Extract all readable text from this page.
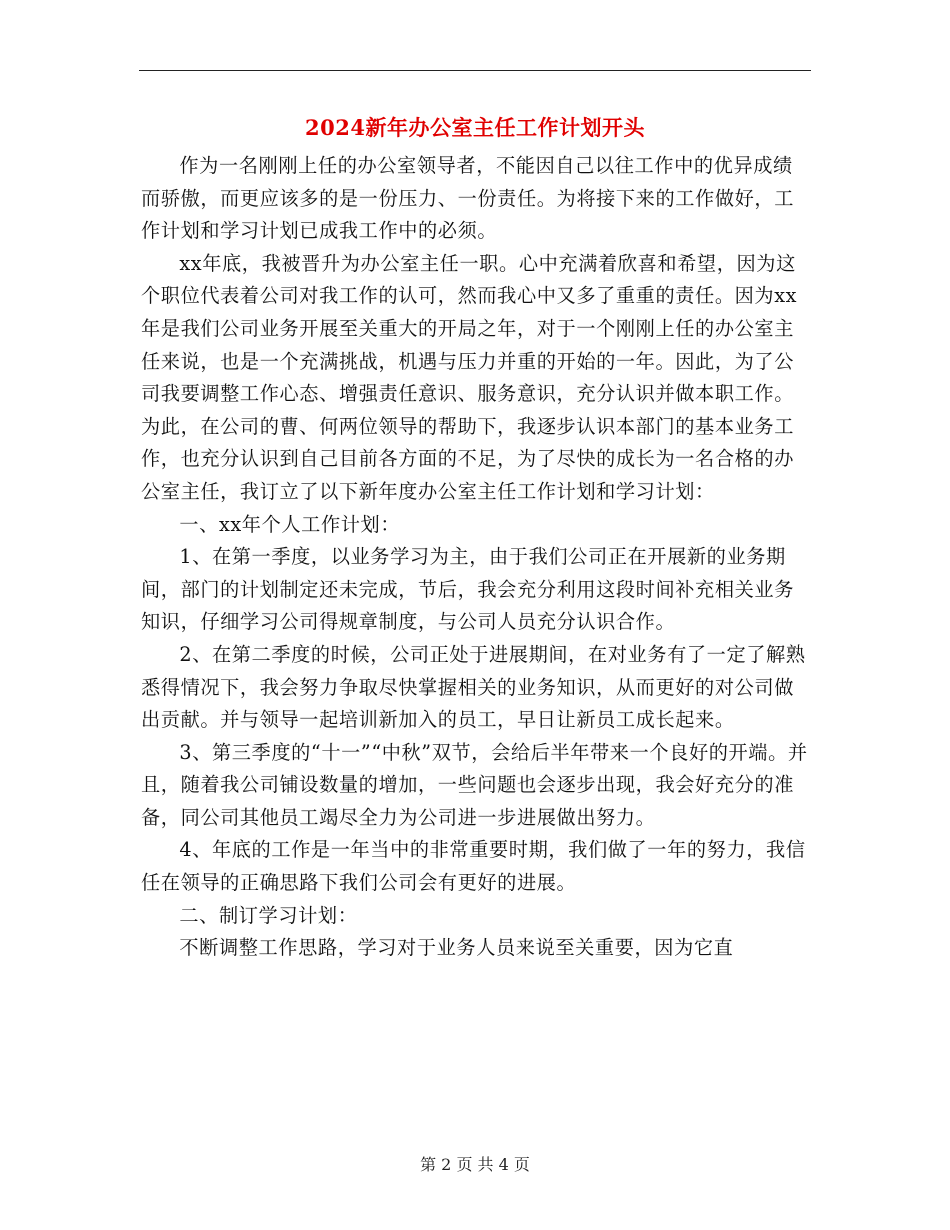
2024新年办公室主任工作计划开头

作为一名刚刚上任的办公室领导者，不能因自己以往工作中的优异成绩而骄傲，而更应该多的是一份压力、一份责任。为将接下来的工作做好，工作计划和学习计划已成我工作中的必须。

xx年底，我被晋升为办公室主任一职。心中充满着欣喜和希望，因为这个职位代表着公司对我工作的认可，然而我心中又多了重重的责任。因为xx年是我们公司业务开展至关重大的开局之年，对于一个刚刚上任的办公室主任来说，也是一个充满挑战，机遇与压力并重的开始的一年。因此，为了公司我要调整工作心态、增强责任意识、服务意识，充分认识并做本职工作。为此，在公司的曹、何两位领导的帮助下，我逐步认识本部门的基本业务工作，也充分认识到自己目前各方面的不足，为了尽快的成长为一名合格的办公室主任，我订立了以下新年度办公室主任工作计划和学习计划：

一、xx年个人工作计划：

1、在第一季度，以业务学习为主，由于我们公司正在开展新的业务期间，部门的计划制定还未完成，节后，我会充分利用这段时间补充相关业务知识，仔细学习公司得规章制度，与公司人员充分认识合作。

2、在第二季度的时候，公司正处于进展期间，在对业务有了一定了解熟悉得情况下，我会努力争取尽快掌握相关的业务知识，从而更好的对公司做出贡献。并与领导一起培训新加入的员工，早日让新员工成长起来。

3、第三季度的“十一”“中秋”双节，会给后半年带来一个良好的开端。并且，随着我公司铺设数量的增加，一些问题也会逐步出现，我会好充分的准备，同公司其他员工竭尽全力为公司进一步进展做出努力。

4、年底的工作是一年当中的非常重要时期，我们做了一年的努力，我信任在领导的正确思路下我们公司会有更好的进展。

二、制订学习计划：

不断调整工作思路，学习对于业务人员来说至关重要，因为它直

第 2 页 共 4 页
